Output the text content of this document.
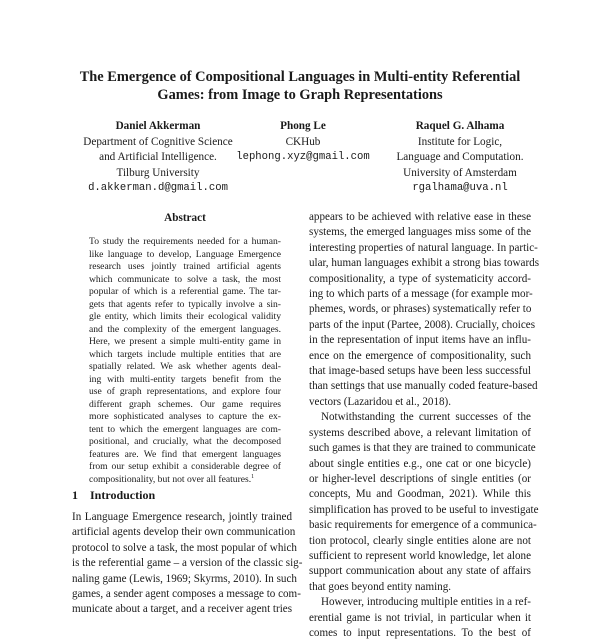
The Emergence of Compositional Languages in Multi-entity Referential
Games: from Image to Graph Representations
Daniel Akkerman
Department of Cognitive Science
and Artificial Intelligence.
Tilburg University
d.akkerman.d@gmail.com
Phong Le
CKHub
lephong.xyz@gmail.com
Raquel G. Alhama
Institute for Logic,
Language and Computation.
University of Amsterdam
rgalhama@uva.nl
Abstract
To study the requirements needed for a human-
like language to develop, Language Emergence
research uses jointly trained artificial agents
which communicate to solve a task, the most
popular of which is a referential game. The tar-
gets that agents refer to typically involve a sin-
gle entity, which limits their ecological validity
and the complexity of the emergent languages.
Here, we present a simple multi-entity game in
which targets include multiple entities that are
spatially related. We ask whether agents deal-
ing with multi-entity targets benefit from the
use of graph representations, and explore four
different graph schemes. Our game requires
more sophisticated analyses to capture the ex-
tent to which the emergent languages are com-
positional, and crucially, what the decomposed
features are. We find that emergent languages
from our setup exhibit a considerable degree of
compositionality, but not over all features.$^1$
1 Introduction
In Language Emergence research, jointly trained
artificial agents develop their own communication
protocol to solve a task, the most popular of which
is the referential game – a version of the classic sig-
naling game (Lewis, 1969; Skyrms, 2010). In such
games, a sender agent composes a message to com-
municate about a target, and a receiver agent tries
appears to be achieved with relative ease in these
systems, the emerged languages miss some of the
interesting properties of natural language. In partic-
ular, human languages exhibit a strong bias towards
compositionality, a type of systematicity accord-
ing to which parts of a message (for example mor-
phemes, words, or phrases) systematically refer to
parts of the input (Partee, 2008). Crucially, choices
in the representation of input items have an influ-
ence on the emergence of compositionality, such
that image-based setups have been less successful
than settings that use manually coded feature-based
vectors (Lazaridou et al., 2018).
Notwithstanding the current successes of the
systems described above, a relevant limitation of
such games is that they are trained to communicate
about single entities e.g., one cat or one bicycle)
or higher-level descriptions of single entities (or
concepts, Mu and Goodman, 2021). While this
simplification has proved to be useful to investigate
basic requirements for emergence of a communica-
tion protocol, clearly single entities alone are not
sufficient to represent world knowledge, let alone
support communication about any state of affairs
that goes beyond entity naming.
However, introducing multiple entities in a ref-
erential game is not trivial, in particular when it
comes to input representations. To the best of
